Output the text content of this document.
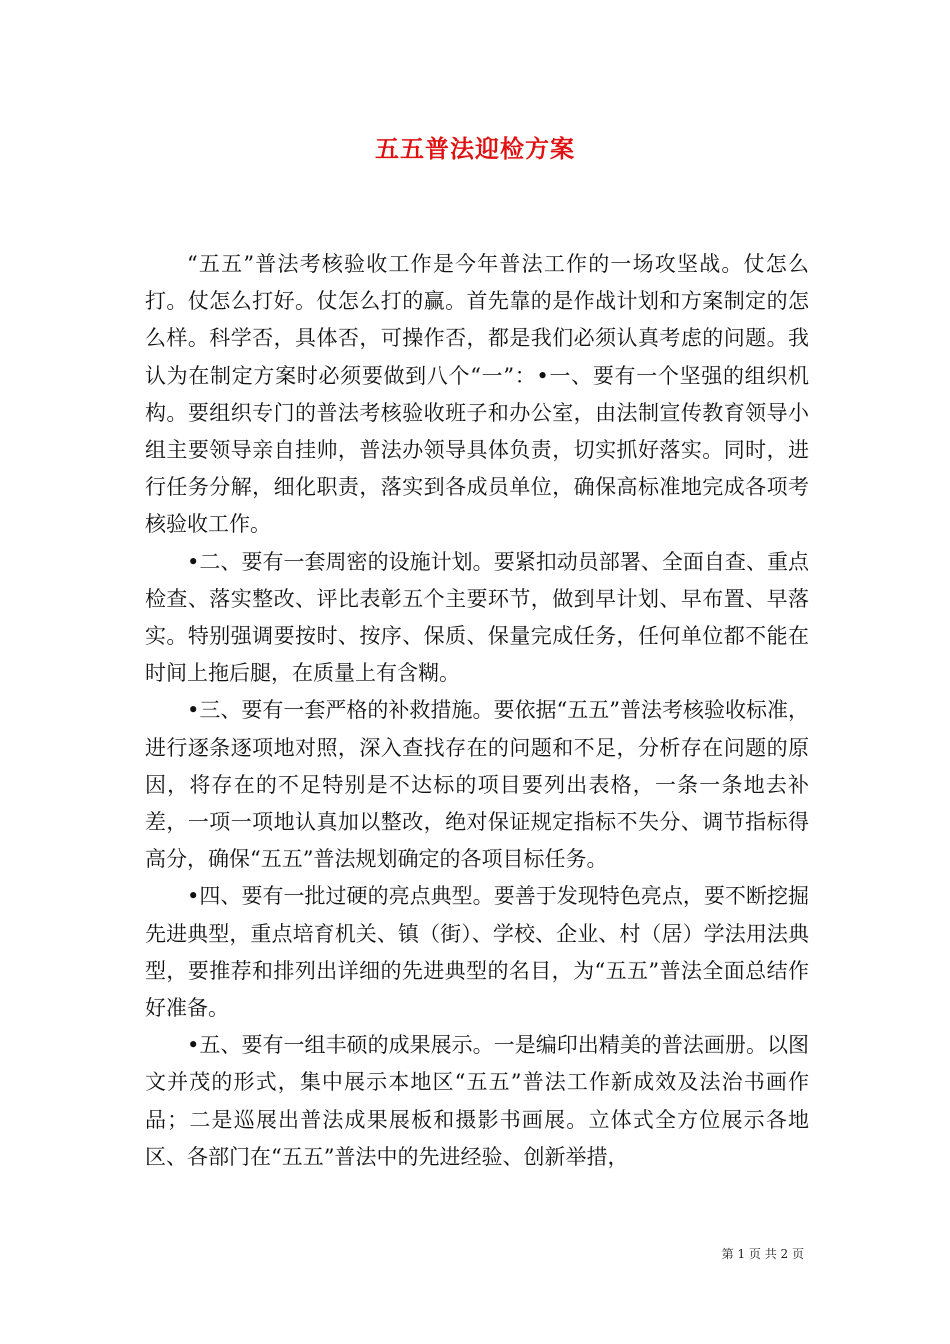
五五普法迎检方案

“五五”普法考核验收工作是今年普法工作的一场攻坚战。仗怎么打。仗怎么打好。仗怎么打的赢。首先靠的是作战计划和方案制定的怎么样。科学否，具体否，可操作否，都是我们必须认真考虑的问题。我认为在制定方案时必须要做到八个“一”：•一、要有一个坚强的组织机构。要组织专门的普法考核验收班子和办公室，由法制宣传教育领导小组主要领导亲自挂帅，普法办领导具体负责，切实抓好落实。同时，进行任务分解，细化职责，落实到各成员单位，确保高标准地完成各项考核验收工作。

•二、要有一套周密的设施计划。要紧扣动员部署、全面自查、重点检查、落实整改、评比表彰五个主要环节，做到早计划、早布置、早落实。特别强调要按时、按序、保质、保量完成任务，任何单位都不能在时间上拖后腿，在质量上有含糊。

•三、要有一套严格的补救措施。要依据“五五”普法考核验收标准，进行逐条逐项地对照，深入查找存在的问题和不足，分析存在问题的原因，将存在的不足特别是不达标的项目要列出表格，一条一条地去补差，一项一项地认真加以整改，绝对保证规定指标不失分、调节指标得高分，确保“五五”普法规划确定的各项目标任务。

•四、要有一批过硬的亮点典型。要善于发现特色亮点，要不断挖掘先进典型，重点培育机关、镇（街）、学校、企业、村（居）学法用法典型，要推荐和排列出详细的先进典型的名目，为“五五”普法全面总结作好准备。

•五、要有一组丰硕的成果展示。一是编印出精美的普法画册。以图文并茂的形式，集中展示本地区“五五”普法工作新成效及法治书画作品；二是巡展出普法成果展板和摄影书画展。立体式全方位展示各地区、各部门在“五五”普法中的先进经验、创新举措，

第 1 页 共 2 页
